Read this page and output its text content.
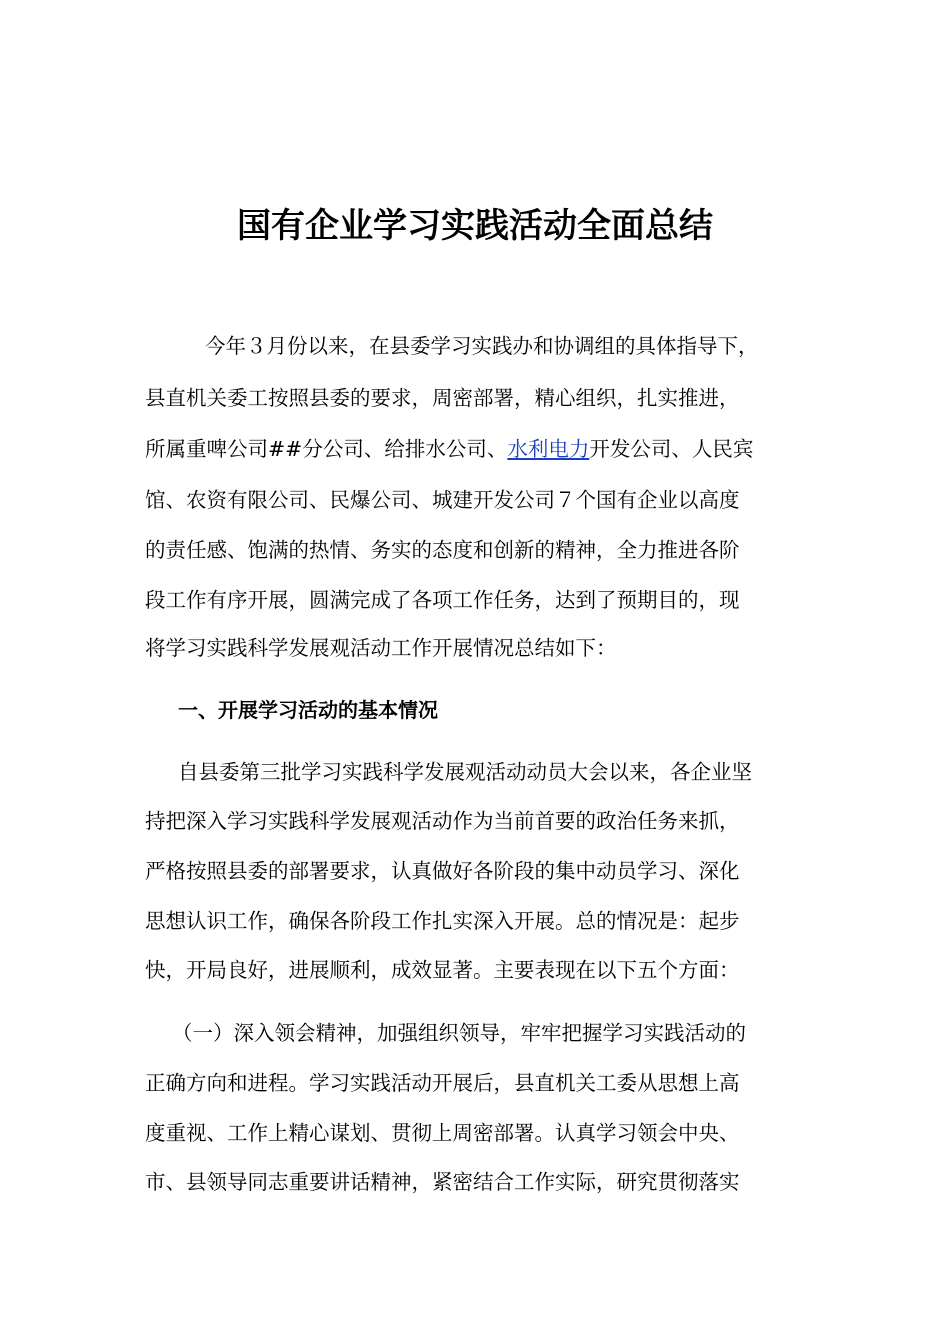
国有企业学习实践活动全面总结
今年３月份以来，在县委学习实践办和协调组的具体指导下，
县直机关委工按照县委的要求，周密部署，精心组织，扎实推进，
所属重啤公司##分公司、给排水公司、水利电力开发公司、人民宾
馆、农资有限公司、民爆公司、城建开发公司７个国有企业以高度
的责任感、饱满的热情、务实的态度和创新的精神，全力推进各阶
段工作有序开展，圆满完成了各项工作任务，达到了预期目的，现
将学习实践科学发展观活动工作开展情况总结如下：
一、开展学习活动的基本情况
自县委第三批学习实践科学发展观活动动员大会以来，各企业坚
持把深入学习实践科学发展观活动作为当前首要的政治任务来抓，
严格按照县委的部署要求，认真做好各阶段的集中动员学习、深化
思想认识工作，确保各阶段工作扎实深入开展。总的情况是：起步
快，开局良好，进展顺利，成效显著。主要表现在以下五个方面：
（一）深入领会精神，加强组织领导，牢牢把握学习实践活动的
正确方向和进程。学习实践活动开展后，县直机关工委从思想上高
度重视、工作上精心谋划、贯彻上周密部署。认真学习领会中央、
市、县领导同志重要讲话精神，紧密结合工作实际，研究贯彻落实
